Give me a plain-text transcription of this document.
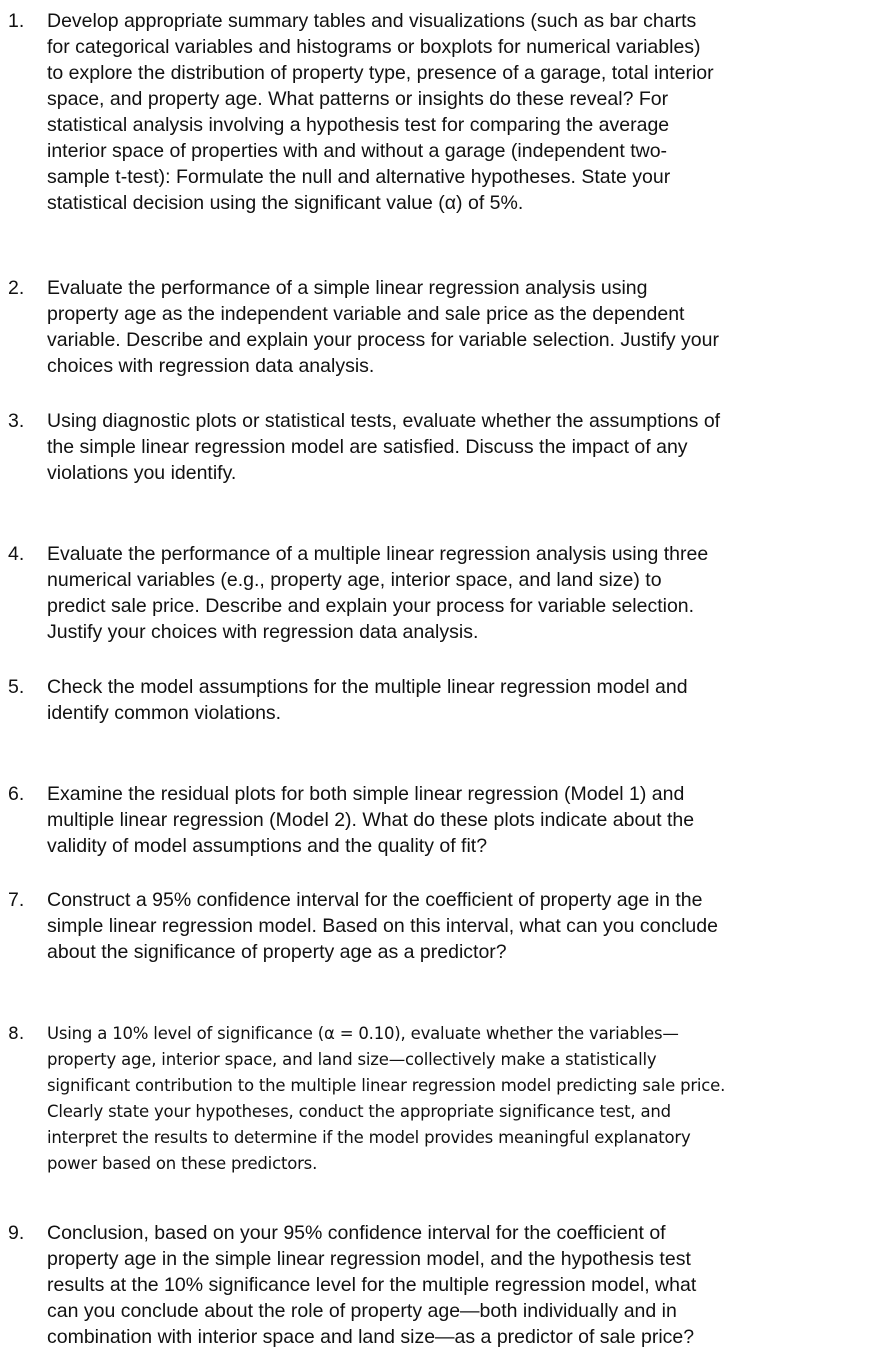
1. Develop appropriate summary tables and visualizations (such as bar charts
for categorical variables and histograms or boxplots for numerical variables)
to explore the distribution of property type, presence of a garage, total interior
space, and property age. What patterns or insights do these reveal? For
statistical analysis involving a hypothesis test for comparing the average
interior space of properties with and without a garage (independent two-
sample t-test): Formulate the null and alternative hypotheses. State your
statistical decision using the significant value (α) of 5%.
2. Evaluate the performance of a simple linear regression analysis using
property age as the independent variable and sale price as the dependent
variable. Describe and explain your process for variable selection. Justify your
choices with regression data analysis.
3. Using diagnostic plots or statistical tests, evaluate whether the assumptions of
the simple linear regression model are satisfied. Discuss the impact of any
violations you identify.
4. Evaluate the performance of a multiple linear regression analysis using three
numerical variables (e.g., property age, interior space, and land size) to
predict sale price. Describe and explain your process for variable selection.
Justify your choices with regression data analysis.
5. Check the model assumptions for the multiple linear regression model and
identify common violations.
6. Examine the residual plots for both simple linear regression (Model 1) and
multiple linear regression (Model 2). What do these plots indicate about the
validity of model assumptions and the quality of fit?
7. Construct a 95% confidence interval for the coefficient of property age in the
simple linear regression model. Based on this interval, what can you conclude
about the significance of property age as a predictor?
8. Using a 10% level of significance (α = 0.10), evaluate whether the variables—
property age, interior space, and land size—collectively make a statistically
significant contribution to the multiple linear regression model predicting sale price.
Clearly state your hypotheses, conduct the appropriate significance test, and
interpret the results to determine if the model provides meaningful explanatory
power based on these predictors.
9. Conclusion, based on your 95% confidence interval for the coefficient of
property age in the simple linear regression model, and the hypothesis test
results at the 10% significance level for the multiple regression model, what
can you conclude about the role of property age—both individually and in
combination with interior space and land size—as a predictor of sale price?
